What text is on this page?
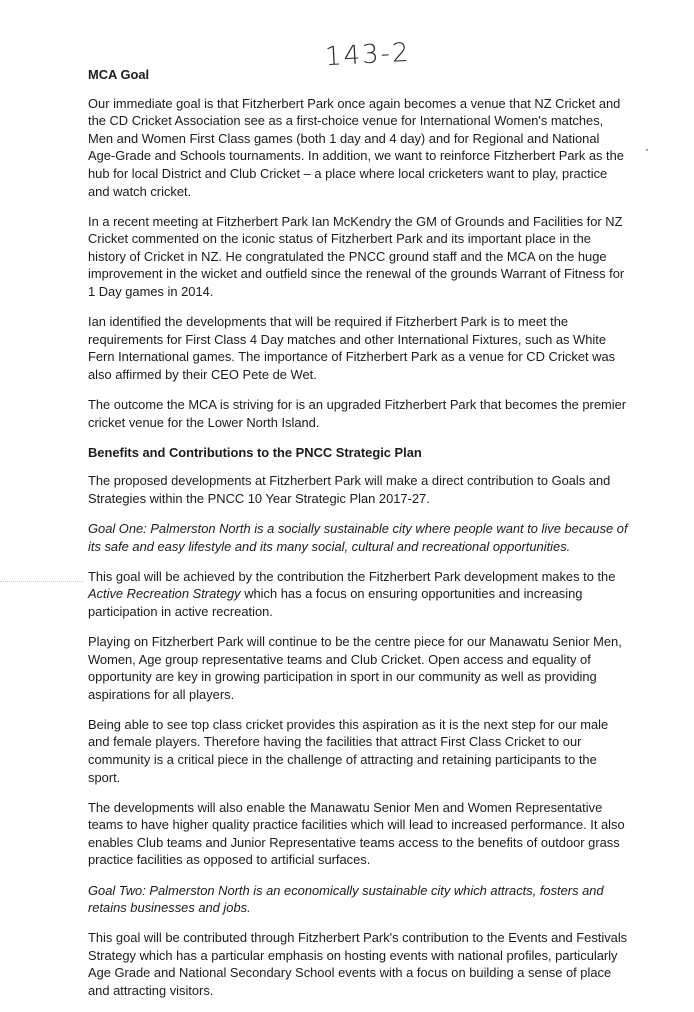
143-2
MCA Goal

Our immediate goal is that Fitzherbert Park once again becomes a venue that NZ Cricket and the CD Cricket Association see as a first-choice venue for International Women's matches, Men and Women First Class games (both 1 day and 4 day) and for Regional and National Age-Grade and Schools tournaments. In addition, we want to reinforce Fitzherbert Park as the hub for local District and Club Cricket – a place where local cricketers want to play, practice and watch cricket.

In a recent meeting at Fitzherbert Park Ian McKendry the GM of Grounds and Facilities for NZ Cricket commented on the iconic status of Fitzherbert Park and its important place in the history of Cricket in NZ. He congratulated the PNCC ground staff and the MCA on the huge improvement in the wicket and outfield since the renewal of the grounds Warrant of Fitness for 1 Day games in 2014.

Ian identified the developments that will be required if Fitzherbert Park is to meet the requirements for First Class 4 Day matches and other International Fixtures, such as White Fern International games. The importance of Fitzherbert Park as a venue for CD Cricket was also affirmed by their CEO Pete de Wet.

The outcome the MCA is striving for is an upgraded Fitzherbert Park that becomes the premier cricket venue for the Lower North Island.

Benefits and Contributions to the PNCC Strategic Plan

The proposed developments at Fitzherbert Park will make a direct contribution to Goals and Strategies within the PNCC 10 Year Strategic Plan 2017-27.

Goal One: Palmerston North is a socially sustainable city where people want to live because of its safe and easy lifestyle and its many social, cultural and recreational opportunities.

This goal will be achieved by the contribution the Fitzherbert Park development makes to the Active Recreation Strategy which has a focus on ensuring opportunities and increasing participation in active recreation.

Playing on Fitzherbert Park will continue to be the centre piece for our Manawatu Senior Men, Women, Age group representative teams and Club Cricket. Open access and equality of opportunity are key in growing participation in sport in our community as well as providing aspirations for all players.

Being able to see top class cricket provides this aspiration as it is the next step for our male and female players. Therefore having the facilities that attract First Class Cricket to our community is a critical piece in the challenge of attracting and retaining participants to the sport.

The developments will also enable the Manawatu Senior Men and Women Representative teams to have higher quality practice facilities which will lead to increased performance. It also enables Club teams and Junior Representative teams access to the benefits of outdoor grass practice facilities as opposed to artificial surfaces.

Goal Two: Palmerston North is an economically sustainable city which attracts, fosters and retains businesses and jobs.

This goal will be contributed through Fitzherbert Park's contribution to the Events and Festivals Strategy which has a particular emphasis on hosting events with national profiles, particularly Age Grade and National Secondary School events with a focus on building a sense of place and attracting visitors.
